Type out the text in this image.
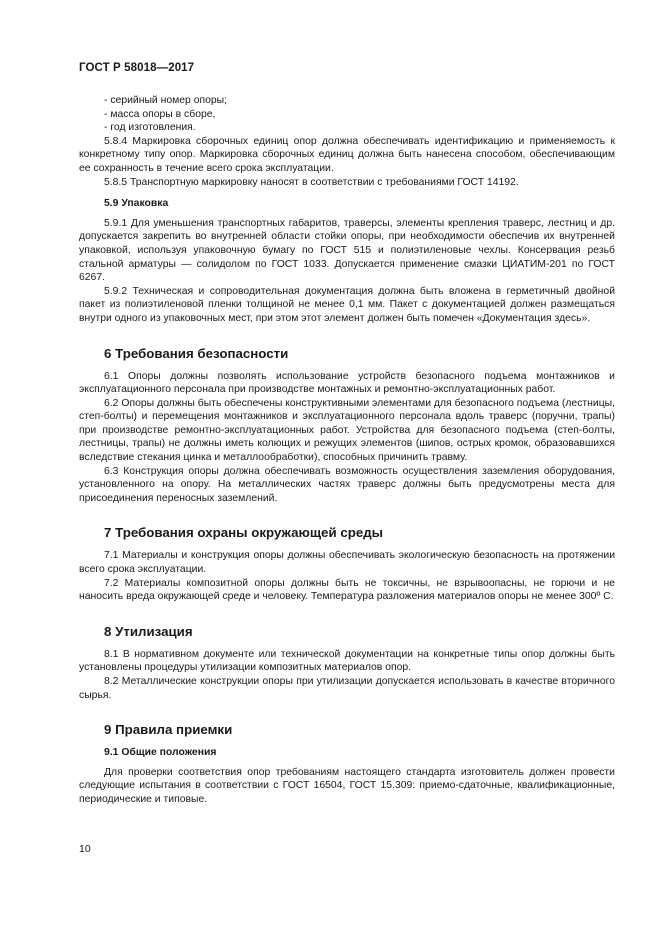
ГОСТ Р 58018—2017

- серийный номер опоры;

- масса опоры в сборе,

- год изготовления.

5.8.4 Маркировка сборочных единиц опор должна обеспечивать идентификацию и применяемость к конкретному типу опор. Маркировка сборочных единиц должна быть нанесена способом, обеспечивающим ее сохранность в течение всего срока эксплуатации.

5.8.5 Транспортную маркировку наносят в соответствии с требованиями ГОСТ 14192.

5.9 Упаковка

5.9.1 Для уменьшения транспортных габаритов, траверсы, элементы крепления траверс, лестниц и др. допускается закрепить во внутренней области стойки опоры, при необходимости обеспечив их внутренней упаковкой, используя упаковочную бумагу по ГОСТ 515 и полиэтиленовые чехлы. Консервация резьб стальной арматуры — солидолом по ГОСТ 1033. Допускается применение смазки ЦИАТИМ-201 по ГОСТ 6267.

5.9.2 Техническая и сопроводительная документация должна быть вложена в герметичный двойной пакет из полиэтиленовой пленки толщиной не менее 0,1 мм. Пакет с документацией должен размещаться внутри одного из упаковочных мест, при этом этот элемент должен быть помечен «Документация здесь».

6 Требования безопасности

6.1 Опоры должны позволять использование устройств безопасного подъема монтажников и эксплуатационного персонала при производстве монтажных и ремонтно-эксплуатационных работ.

6.2 Опоры должны быть обеспечены конструктивными элементами для безопасного подъема (лестницы, степ-болты) и перемещения монтажников и эксплуатационного персонала вдоль траверс (поручни, трапы) при производстве ремонтно-эксплуатационных работ. Устройства для безопасного подъема (степ-болты, лестницы, трапы) не должны иметь колющих и режущих элементов (шипов, острых кромок, образовавшихся вследствие стекания цинка и металлообработки), способных причинить травму.

6.3 Конструкция опоры должна обеспечивать возможность осуществления заземления оборудования, установленного на опору. На металлических частях траверс должны быть предусмотрены места для присоединения переносных заземлений.

7 Требования охраны окружающей среды

7.1 Материалы и конструкция опоры должны обеспечивать экологическую безопасность на протяжении всего срока эксплуатации.

7.2 Материалы композитной опоры должны быть не токсичны, не взрывоопасны, не горючи и не наносить вреда окружающей среде и человеку. Температура разложения материалов опоры не менее 300º С.

8 Утилизация

8.1 В нормативном документе или технической документации на конкретные типы опор должны быть установлены процедуры утилизации композитных материалов опор.

8.2 Металлические конструкции опоры при утилизации допускается использовать в качестве вторичного сырья.

9 Правила приемки
9.1 Общие положения

Для проверки соответствия опор требованиям настоящего стандарта изготовитель должен провести следующие испытания в соответствии с ГОСТ 16504, ГОСТ 15.309: приемо-сдаточные, квалификационные, периодические и типовые.

10
